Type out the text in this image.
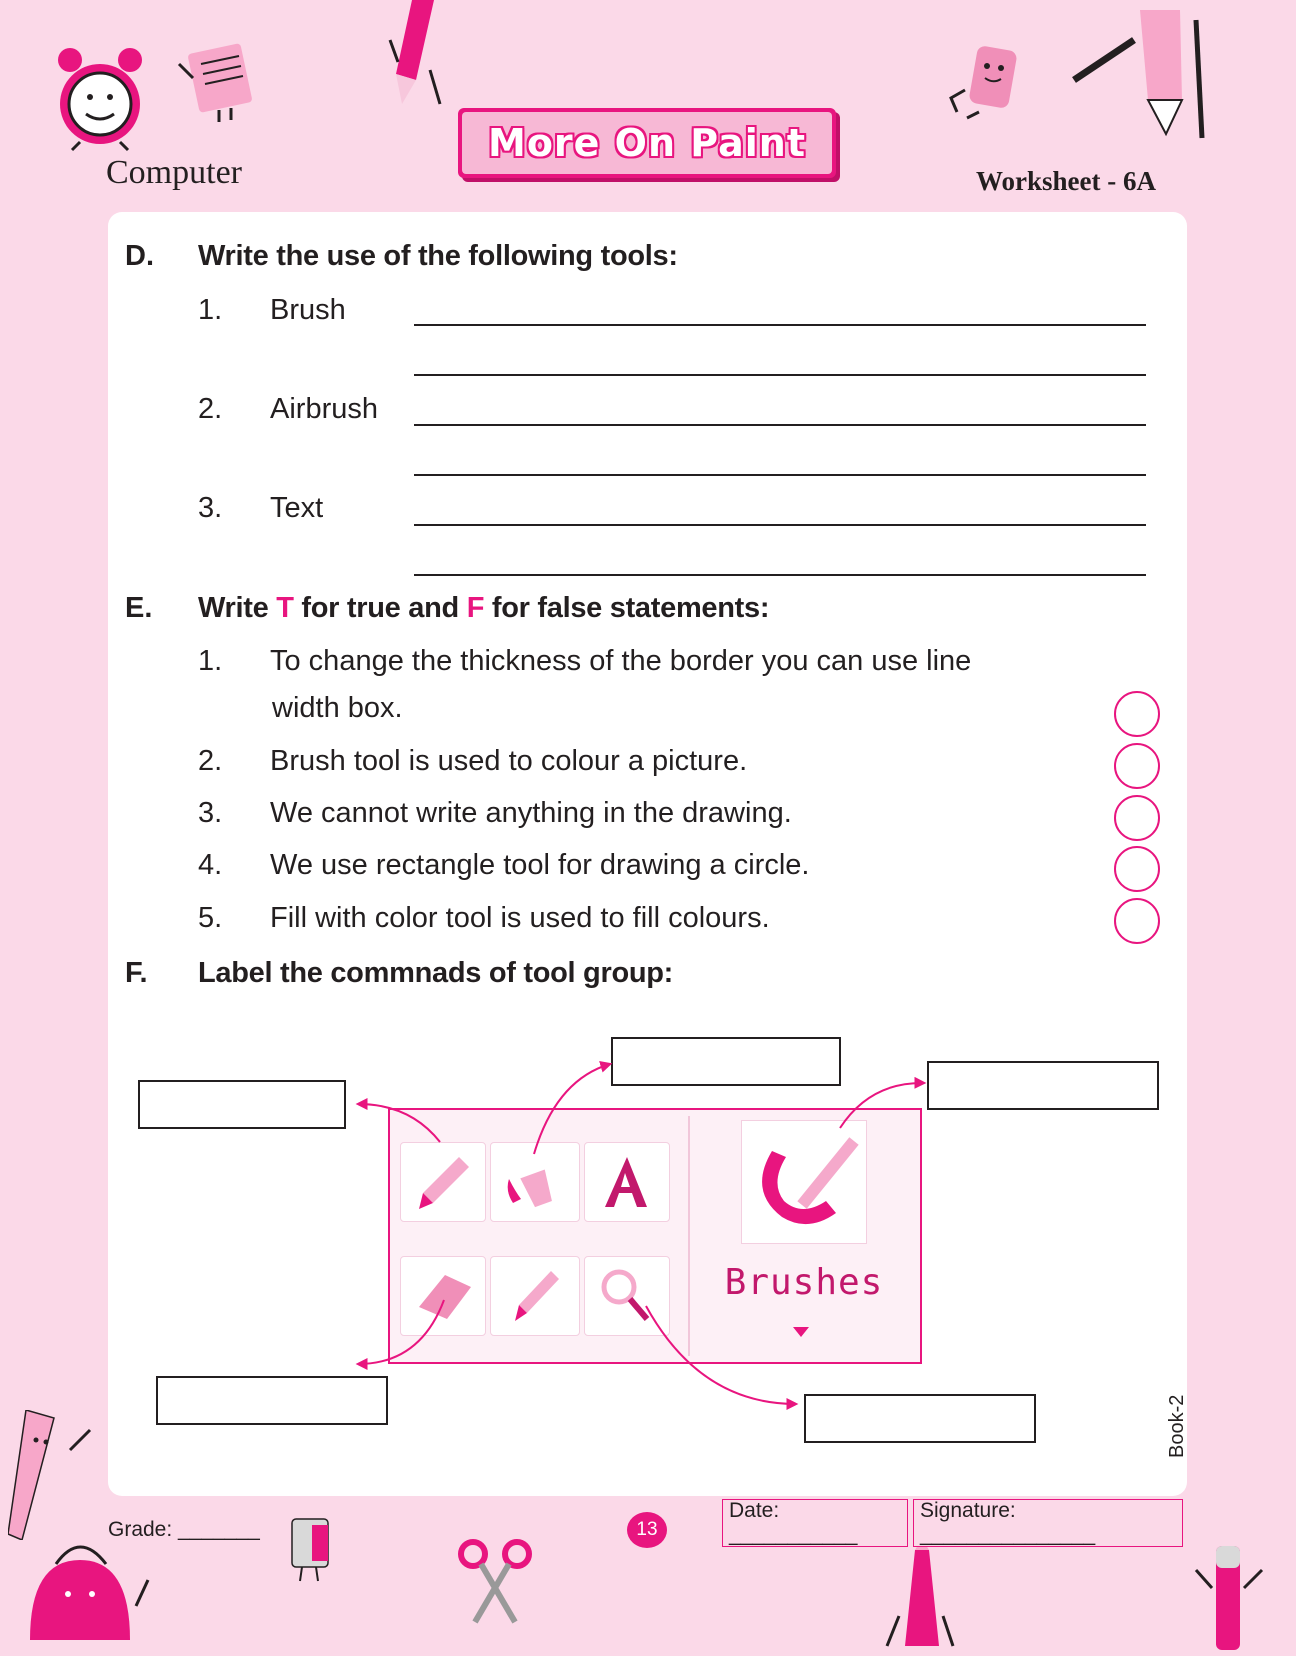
Computer
More On Paint
Worksheet - 6A
D. Write the use of the following tools:
1. Brush
2. Airbrush
3. Text
E. Write T for true and F for false statements:
1. To change the thickness of the border you can use line
width box.
2. Brush tool is used to colour a picture.
3. We cannot write anything in the drawing.
4. We use rectangle tool for drawing a circle.
5. Fill with color tool is used to fill colours.
F. Label the commnads of tool group:
Brushes
Grade: _______	13
Date: ___________
Signature: _______________
Book-2
